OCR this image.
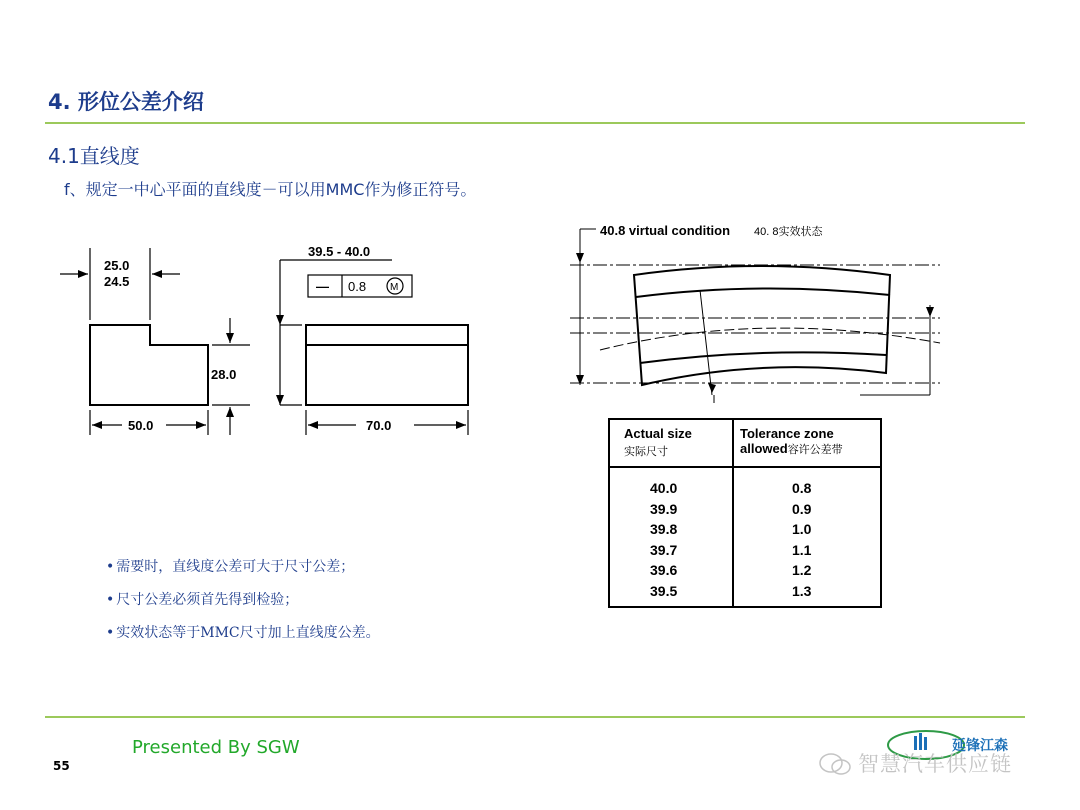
4. 形位公差介绍
4.1直线度
f、规定一中心平面的直线度－可以用MMC作为修正符号。
25.0
24.5
50.0
28.0
70.0
39.5 - 40.0
— 0.8 M
40.8 virtual condition 40. 8实效状态
Actual size
实际尺寸
Tolerance zone
allowed容许公差带
40.0
39.9
39.8
39.7
39.6
39.5
0.8
0.9
1.0
1.1
1.2
1.3
• 需要时，直线度公差可大于尺寸公差；
• 尺寸公差必须首先得到检验；
• 实效状态等于MMC尺寸加上直线度公差。
Presented By SGW
55
延锋江森
智慧汽车供应链
